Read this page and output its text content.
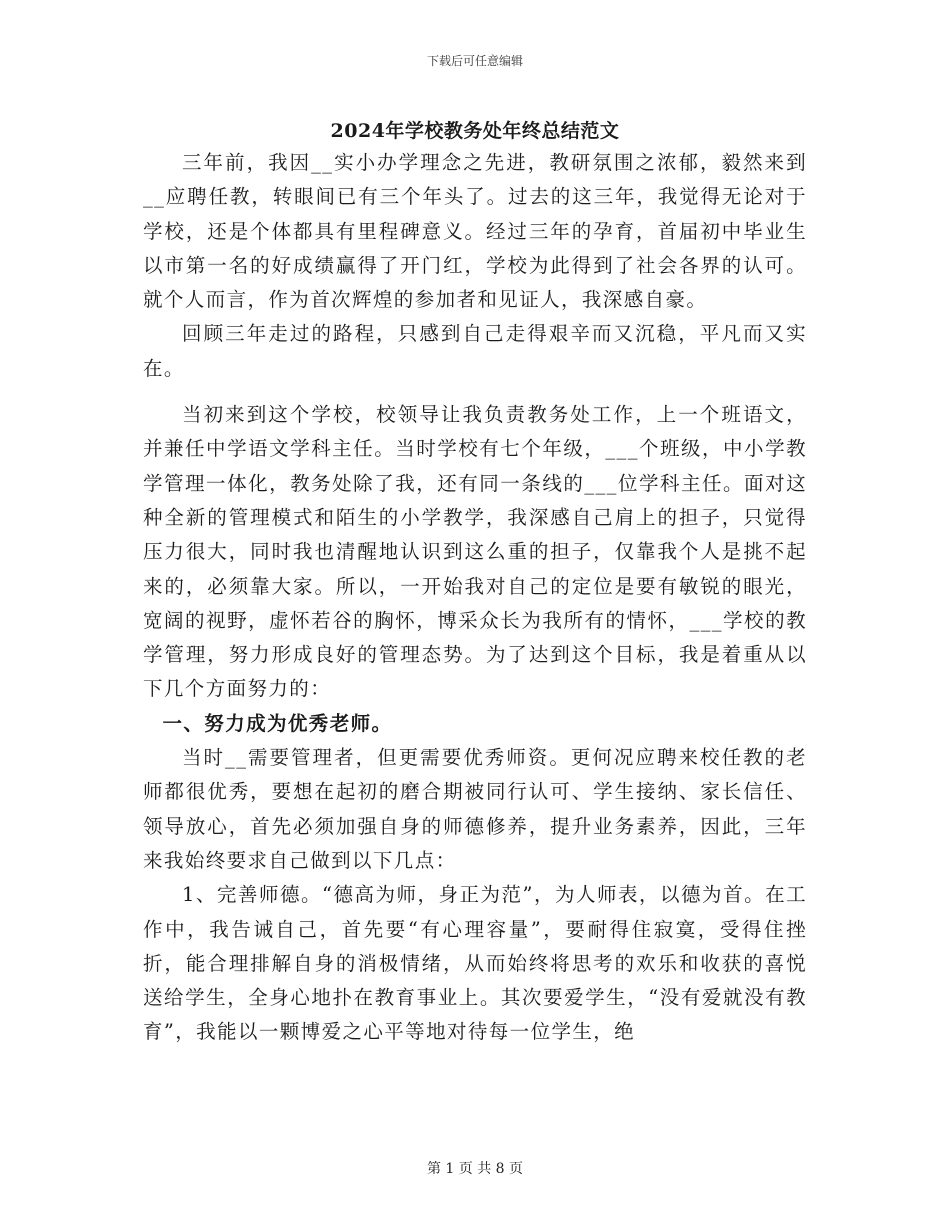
下载后可任意编辑
2024年学校教务处年终总结范文

三年前，我因__实小办学理念之先进，教研氛围之浓郁，毅然来到__应聘任教，转眼间已有三个年头了。过去的这三年，我觉得无论对于学校，还是个体都具有里程碑意义。经过三年的孕育，首届初中毕业生以市第一名的好成绩赢得了开门红，学校为此得到了社会各界的认可。就个人而言，作为首次辉煌的参加者和见证人，我深感自豪。

回顾三年走过的路程，只感到自己走得艰辛而又沉稳，平凡而又实在。

当初来到这个学校，校领导让我负责教务处工作，上一个班语文，并兼任中学语文学科主任。当时学校有七个年级，___个班级，中小学教学管理一体化，教务处除了我，还有同一条线的___位学科主任。面对这种全新的管理模式和陌生的小学教学，我深感自己肩上的担子，只觉得压力很大，同时我也清醒地认识到这么重的担子，仅靠我个人是挑不起来的，必须靠大家。所以，一开始我对自己的定位是要有敏锐的眼光，宽阔的视野，虚怀若谷的胸怀，博采众长为我所有的情怀，___学校的教学管理，努力形成良好的管理态势。为了达到这个目标，我是着重从以下几个方面努力的：

一、努力成为优秀老师。

当时__需要管理者，但更需要优秀师资。更何况应聘来校任教的老师都很优秀，要想在起初的磨合期被同行认可、学生接纳、家长信任、领导放心，首先必须加强自身的师德修养，提升业务素养，因此，三年来我始终要求自己做到以下几点：

1、完善师德。“德高为师，身正为范”，为人师表，以德为首。在工作中，我告诫自己，首先要“有心理容量”，要耐得住寂寞，受得住挫折，能合理排解自身的消极情绪，从而始终将思考的欢乐和收获的喜悦送给学生，全身心地扑在教育事业上。其次要爱学生，“没有爱就没有教育”，我能以一颗博爱之心平等地对待每一位学生，绝

第 1 页 共 8 页
